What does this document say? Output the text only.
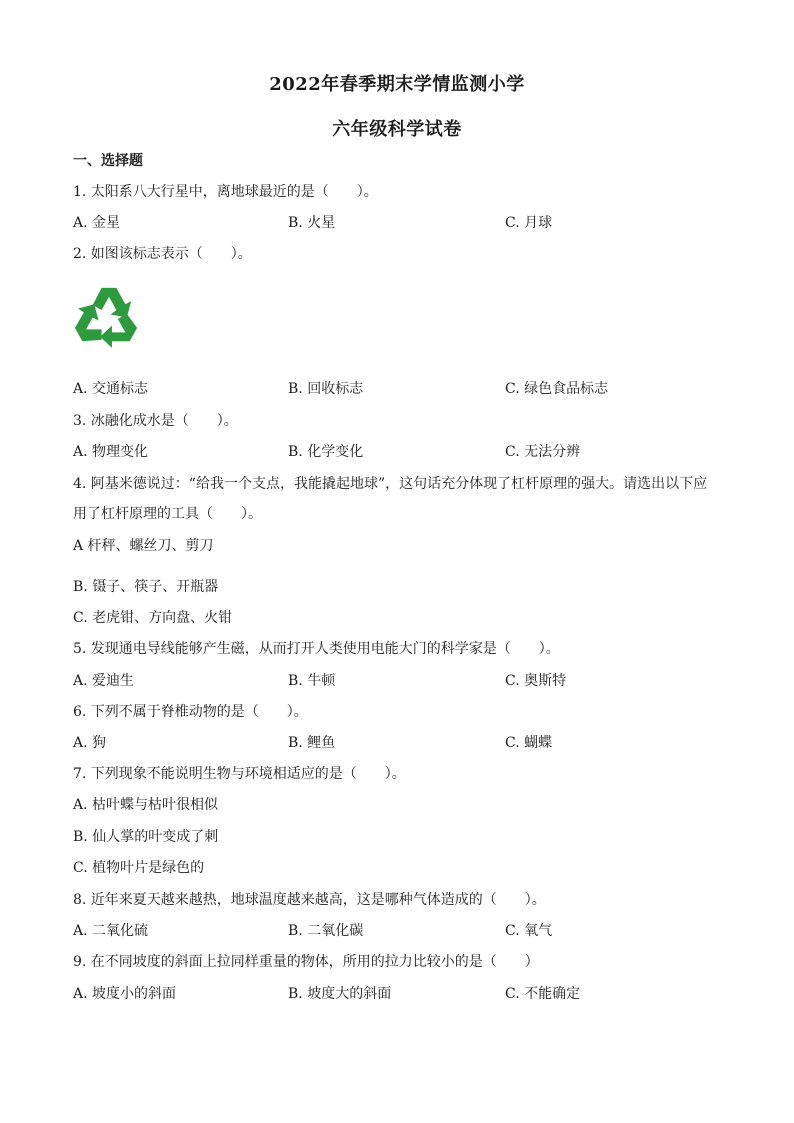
2022年春季期末学情监测小学
六年级科学试卷
一、选择题
1. 太阳系八大行星中，离地球最近的是（　　）。
A. 金星	B. 火星	C. 月球
2. 如图该标志表示（　　）。
A. 交通标志	B. 回收标志	C. 绿色食品标志
3. 冰融化成水是（　　）。
A. 物理变化	B. 化学变化	C. 无法分辨
4. 阿基米德说过：“给我一个支点，我能撬起地球”，这句话充分体现了杠杆原理的强大。请选出以下应
用了杠杆原理的工具（　　）。
A 杆秤、螺丝刀、剪刀
B. 镊子、筷子、开瓶器
C. 老虎钳、方向盘、火钳
5. 发现通电导线能够产生磁，从而打开人类使用电能大门的科学家是（　　）。
A. 爱迪生	B. 牛顿	C. 奥斯特
6. 下列不属于脊椎动物的是（　　）。
A. 狗	B. 鲤鱼	C. 蝴蝶
7. 下列现象不能说明生物与环境相适应的是（　　）。
A. 枯叶蝶与枯叶很相似
B. 仙人掌的叶变成了刺
C. 植物叶片是绿色的
8. 近年来夏天越来越热，地球温度越来越高，这是哪种气体造成的（　　）。
A. 二氧化硫	B. 二氧化碳	C. 氧气
9. 在不同坡度的斜面上拉同样重量的物体，所用的拉力比较小的是（　　）
A. 坡度小的斜面	B. 坡度大的斜面	C. 不能确定
